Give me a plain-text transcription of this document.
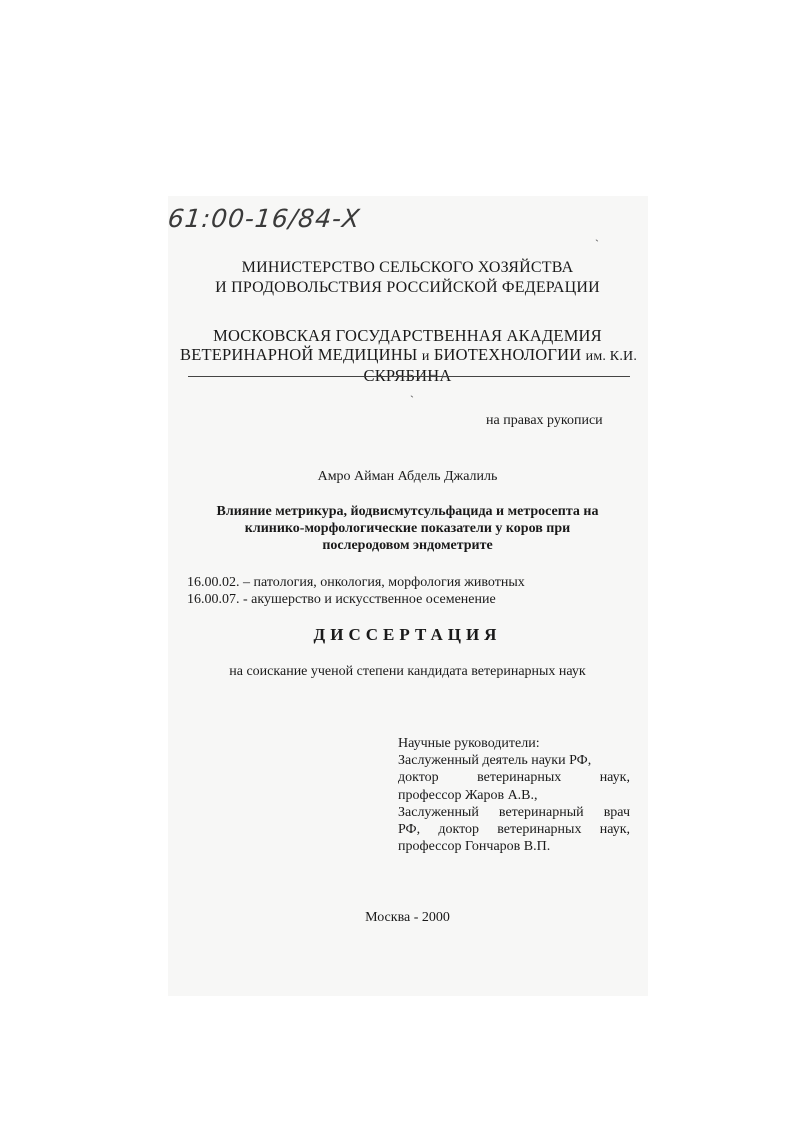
61:00-16/84-Х
ˎ
МИНИСТЕРСТВО СЕЛЬСКОГО ХОЗЯЙСТВА
И ПРОДОВОЛЬСТВИЯ РОССИЙСКОЙ ФЕДЕРАЦИИ
МОСКОВСКАЯ ГОСУДАРСТВЕННАЯ АКАДЕМИЯ
ВЕТЕРИНАРНОЙ МЕДИЦИНЫ и БИОТЕХНОЛОГИИ им. К.И.
СКРЯБИНА
ˎ
на правах рукописи
Амро Айман Абдель Джалиль
Влияние метрикура, йодвисмутсульфацида и метросепта на
клинико-морфологические показатели у коров при
послеродовом эндометрите
16.00.02. – патология, онкология, морфология животных
16.00.07. - акушерство и искусственное осеменение
ДИССЕРТАЦИЯ
на соискание ученой степени кандидата ветеринарных наук
Научные руководители:
Заслуженный деятель науки РФ,
доктор ветеринарных наук,
профессор Жаров А.В.,
Заслуженный ветеринарный врач
РФ, доктор ветеринарных наук,
профессор Гончаров В.П.
Москва - 2000
